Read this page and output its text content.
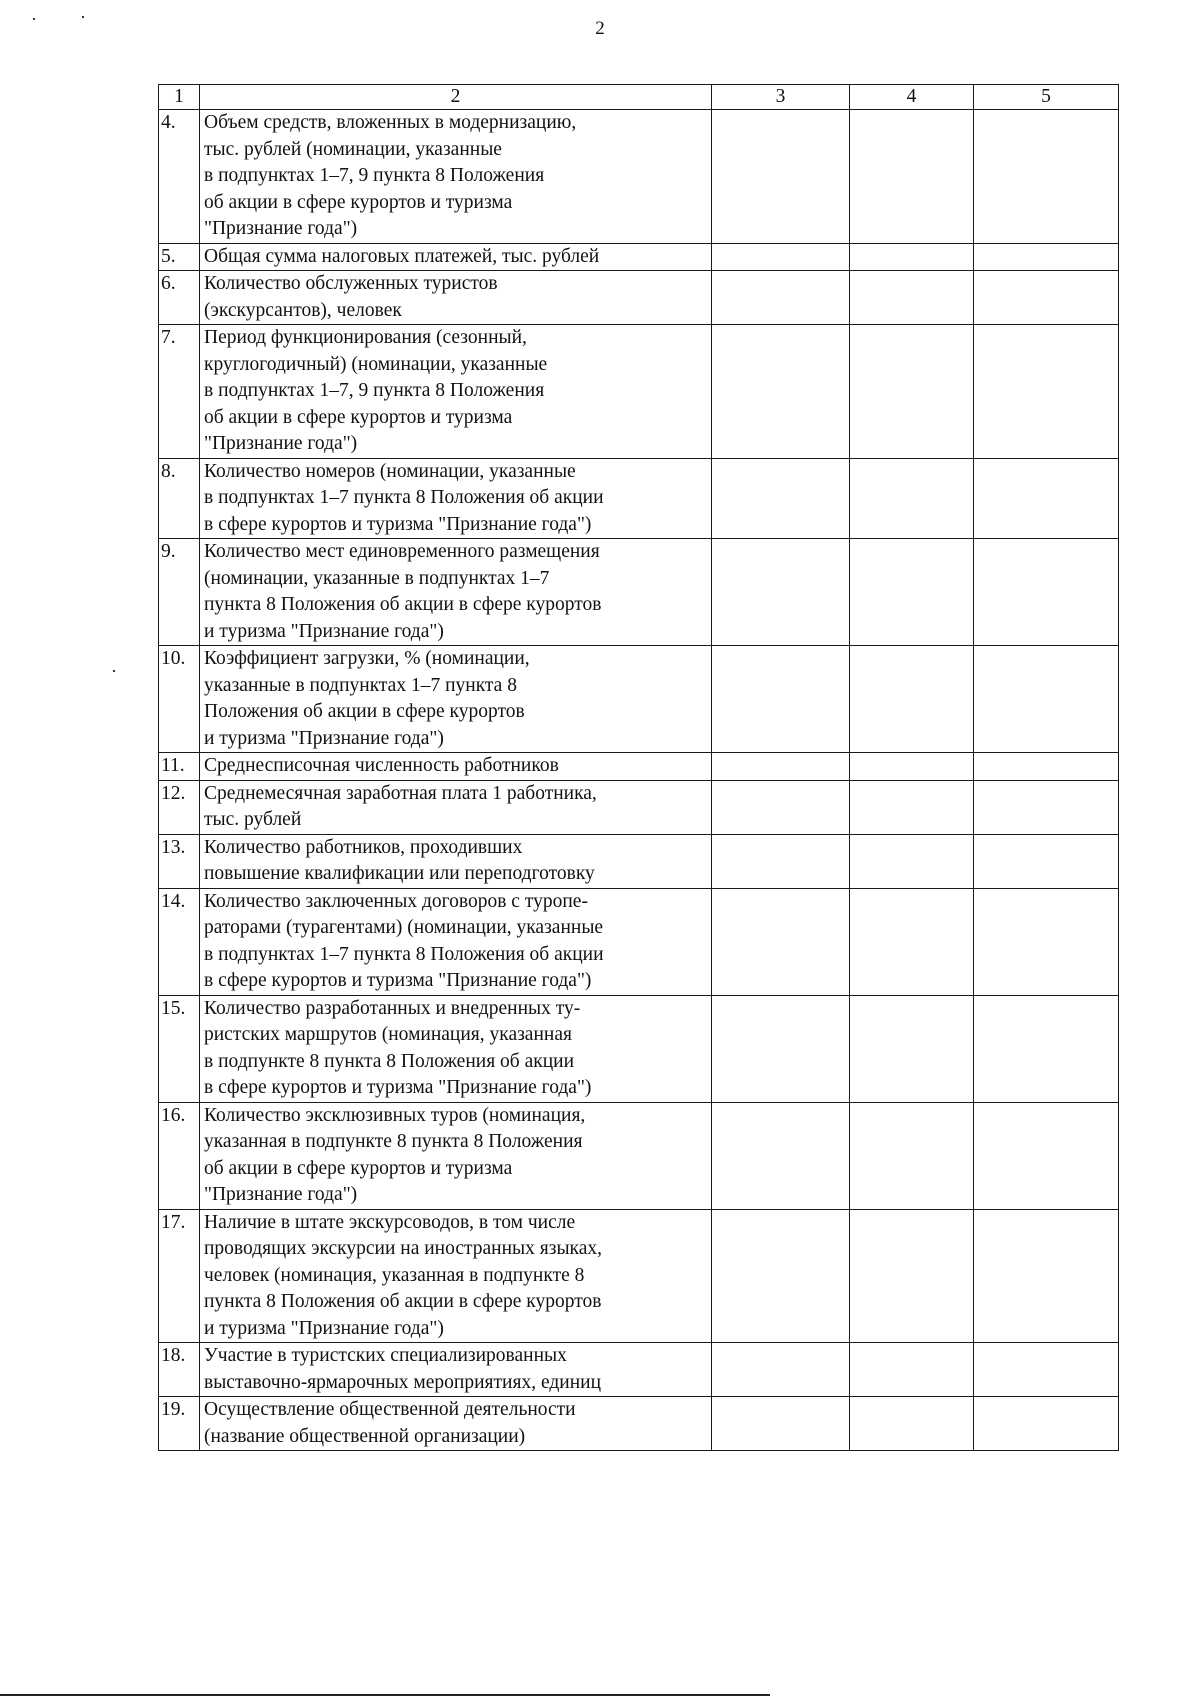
2
1	2	3	4	5
4.	Объем средств, вложенных в модернизацию,
тыс. рублей (номинации, указанные
в подпунктах 1–7, 9 пункта 8 Положения
об акции в сфере курортов и туризма
"Признание года")			
5.	Общая сумма налоговых платежей, тыс. рублей			
6.	Количество обслуженных туристов
(экскурсантов), человек			
7.	Период функционирования (сезонный,
круглогодичный) (номинации, указанные
в подпунктах 1–7, 9 пункта 8 Положения
об акции в сфере курортов и туризма
"Признание года")			
8.	Количество номеров (номинации, указанные
в подпунктах 1–7 пункта 8 Положения об акции
в сфере курортов и туризма "Признание года")			
9.	Количество мест единовременного размещения
(номинации, указанные в подпунктах 1–7
пункта 8 Положения об акции в сфере курортов
и туризма "Признание года")			
10.	Коэффициент загрузки, % (номинации,
указанные в подпунктах 1–7 пункта 8
Положения об акции в сфере курортов
и туризма "Признание года")			
11.	Среднесписочная численность работников			
12.	Среднемесячная заработная плата 1 работника,
тыс. рублей			
13.	Количество работников, проходивших
повышение квалификации или переподготовку			
14.	Количество заключенных договоров с туропе-
раторами (турагентами) (номинации, указанные
в подпунктах 1–7 пункта 8 Положения об акции
в сфере курортов и туризма "Признание года")			
15.	Количество разработанных и внедренных ту-
ристских маршрутов (номинация, указанная
в подпункте 8 пункта 8 Положения об акции
в сфере курортов и туризма "Признание года")			
16.	Количество эксклюзивных туров (номинация,
указанная в подпункте 8 пункта 8 Положения
об акции в сфере курортов и туризма
"Признание года")			
17.	Наличие в штате экскурсоводов, в том числе
проводящих экскурсии на иностранных языках,
человек (номинация, указанная в подпункте 8
пункта 8 Положения об акции в сфере курортов
и туризма "Признание года")			
18.	Участие в туристских специализированных
выставочно-ярмарочных мероприятиях, единиц			
19.	Осуществление общественной деятельности
(название общественной организации)			
